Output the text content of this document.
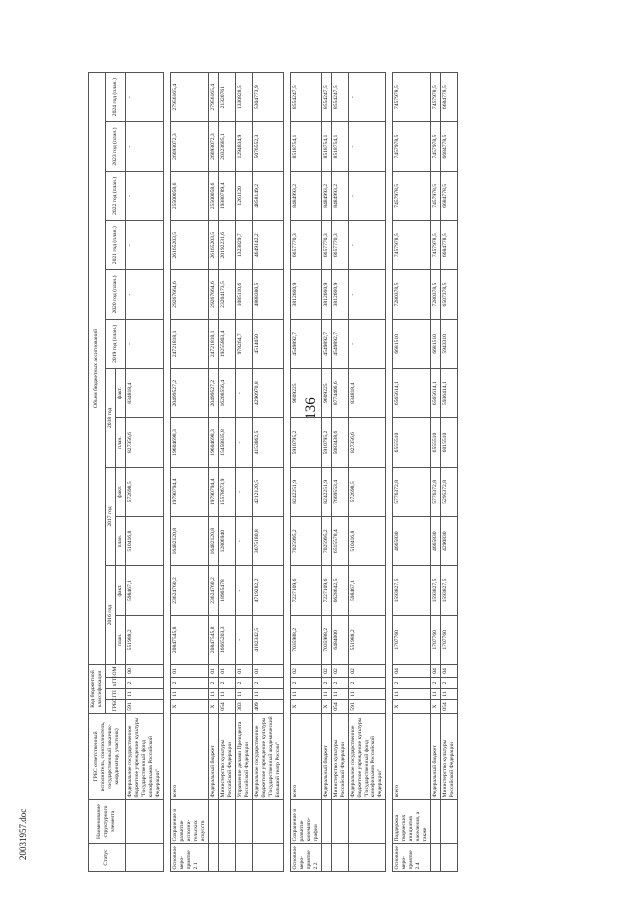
136
20031957.doc	Статус	Наименование структурного элемента	ГРБС ответственный исполнитель, соисполнитель, государственный заказчик-координатор, участник)	Код бюджетной классификации				Объем бюджетных ассигнований											
			ГРБС	ГП	пГП	ОМ	2016 год		2017 год		2018 год		2019 год (план.)	2020 год (план.)	2021 год (план.)	2022 год (план.)	2023 год (план.)	2024 год (план.)
							план.	факт.	план.	факт.	план.	факт.						
		Федеральное государственное бюджетное учреждение культуры "Государственный фонд кинофильмов Российской Федерации"	591	11	2	00	551988,2	598467,1	510416,8	572698,5	827356,6	834818,4	-	-	-	-	-	-

Основное меро-приятие 2.1	Сохранение и развитие исполни-тельских искусств	всего	X	11	2	01	20847545,8	23624760,2	16482120,8	19790794,4	19604698,3	20499527,2	24721818,1	29267664,6	26165203,5	25500058,6	26693072,3	27956165,4
		Федеральный бюджет	X	11	2	01	20847545,8	23624760,2	16482120,8	19790794,4	19604698,3	20499527,2	24721818,1	29267664,6	26165203,5	25500058,6	26693072,3	27956165,4
		Министерство культуры Российской Федерации	054	11	2	01	16665203,3	18905478	12806940	15578673,9	15450835,8	16208556,4	19255803,4	23204173,5	20192231,6	19380789,4	20323685,1	21320761
		Управление делами Президента Российской Федерации	303	11	2	01	-	-	-	-	-	-	978264,7	1085110,6	1323829,7	1261120	1294834,9	1330828,5
		Федеральное государственное бюджетное учреждение культуры "Государственный академический Большой театр России"	409	11	2	01	4182342,5	4719282,2	3675180,8	4212120,5	4153862,5	4290970,8	4514050	4888380,5	4649142,2	4858149,2	5076552,3	5304773,9

Основное меро-приятие 2.2	Сохранение и развитие кинемато-графии	всего	X	11	2	02	7035988,2	7227109,6	7025995,2	8242251,9	5910795,2	9609225	4549892,7	3812660,9	6657770,3	8484993,2	8518754,1	8554247,5
		Федеральный бюджет	X	11	2	02	7035988,2	7227109,6	7025995,2	8242251,9	5910795,2	9609225	4549892,7	3812660,9	6657770,3	8484993,2	8518754,1	8554247,5
		Министерство культуры Российской Федерации	054	11	2	02	6484000	6628642,5	6515578,4	7669553,4	5083438,6	8774406,6	4549892,7	3812660,9	6657770,3	8484993,2	8518754,1	8554247,5
		Федеральное государственное бюджетное учреждение культуры "Государственный фонд кинофильмов Российской Федерации"	591	11	2	02	551988,2	598467,1	510416,8	572698,5	827356,6	834818,4	-	-	-	-	-	-

Основное меро-приятие 2.4	Поддержка творческих инициатив населения, а также	всего	X	11	2	04	1707760	1593827,5	4665830	5776372,8	6555510	6565614,1	6681510	7280378,5	7457978,5	7457978,5	7457978,5	7457978,5
		Федеральный бюджет	X	11	2	04	1707760	1593827,5	4665830	5776372,8	6555510	6565614,1	6681510	7280378,5	7457978,5	7457978,5	7457978,5	7457978,5
		Министерство культуры Российской Федерации	054	11	2	04	1707760	1593827,5	4290830	5295372,8	6015510	5936414,1	5943310	6507378,5	6684778,5	6684778,5	6684778,5	6684778,5
